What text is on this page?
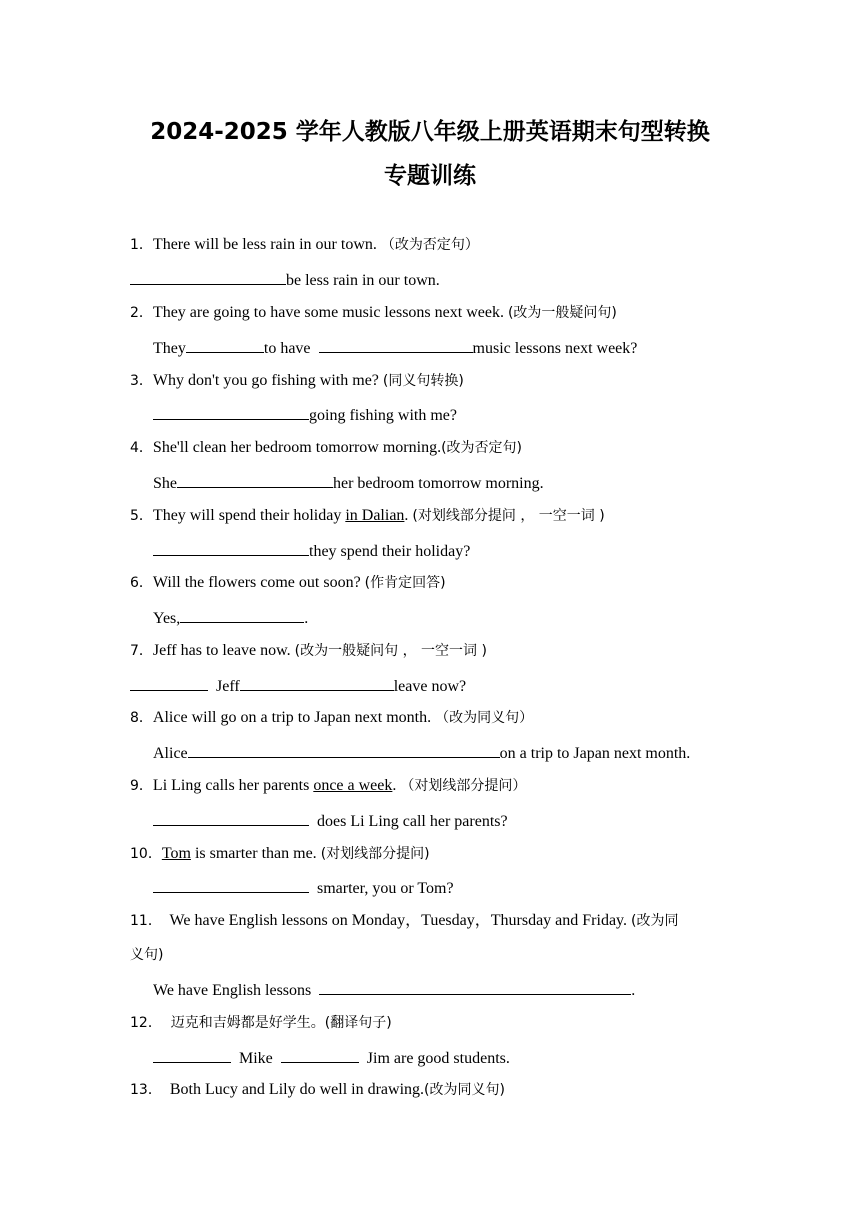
2024-2025 学年人教版八年级上册英语期末句型转换
专题训练
1．There will be less rain in our town. （改为否定句）
be less rain in our town.
2．They are going to have some music lessons next week. (改为一般疑问句)
They	to have	music lessons next week?
3．Why don't you go fishing with me? (同义句转换)
going fishing with me?
4．She'll clean her bedroom tomorrow morning.(改为否定句)
She	her bedroom tomorrow morning.
5．They will spend their holiday in Dalian. (对划线部分提问 ， 一空一词 )
they spend their holiday?
6．Will the flowers come out soon? (作肯定回答)
Yes,	.
7．Jeff has to leave now. (改为一般疑问句 ， 一空一词 )
Jeff	leave now?
8．Alice will go on a trip to Japan next month. （改为同义句）
Alice	on a trip to Japan next month.
9．Li Ling calls her parents once a week. （对划线部分提问）
does Li Ling call her parents?
10．Tom is smarter than me. (对划线部分提问)
smarter, you or Tom?
11．  We have English lessons on Monday，Tuesday，Thursday and Friday. (改为同
义句)
We have English lessons	.
12．  迈克和吉姆都是好学生。(翻译句子)
Mike	Jim are good students.
13．  Both Lucy and Lily do well in drawing.(改为同义句)
